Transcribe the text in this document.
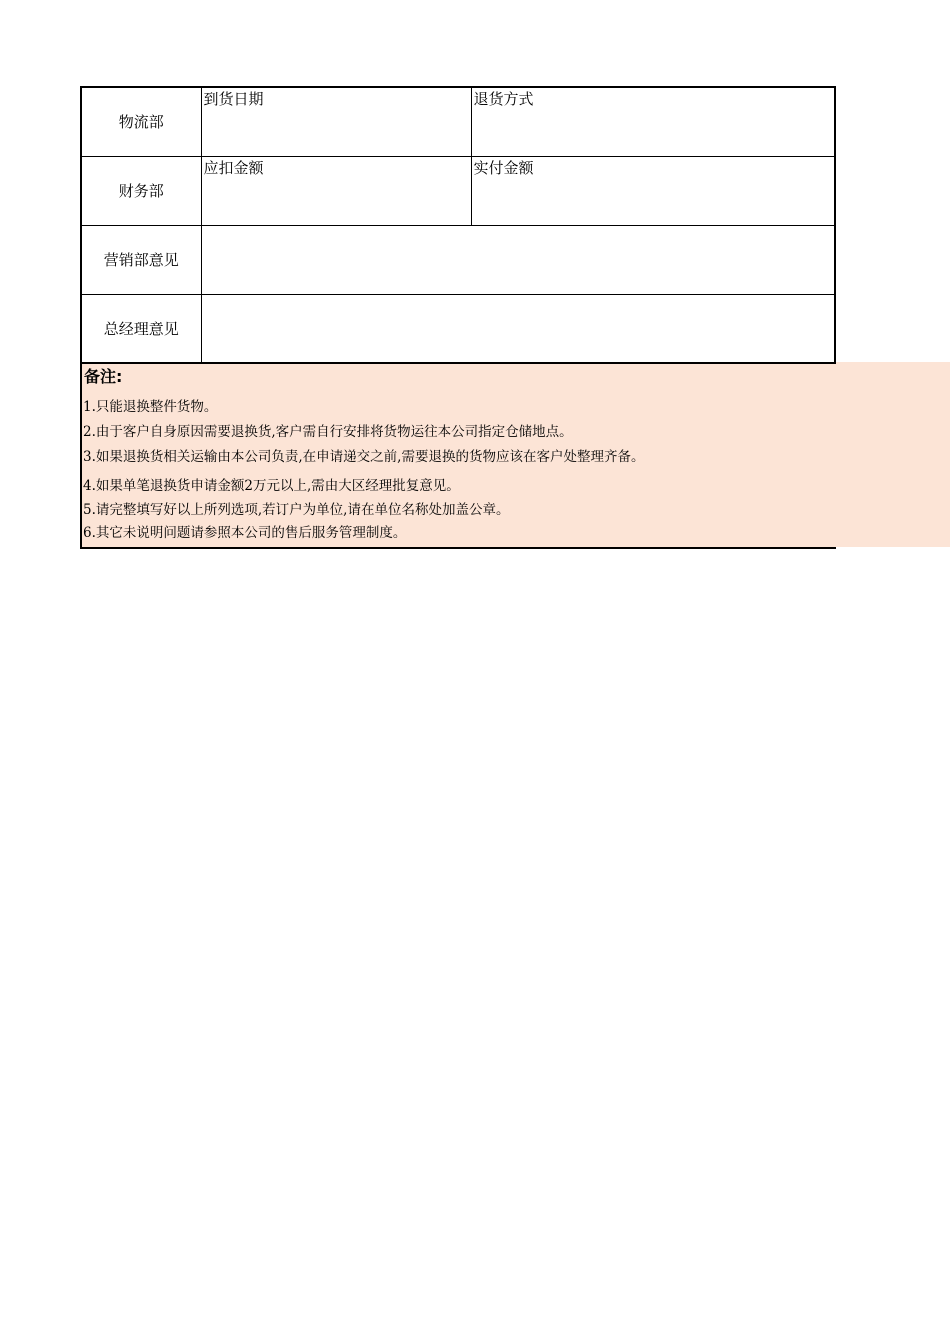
物流部	到货日期	退货方式

财务部	应扣金额	实付金额

营销部意见		

总经理意见		
备注:
1.只能退换整件货物。
2.由于客户自身原因需要退换货,客户需自行安排将货物运往本公司指定仓储地点。
3.如果退换货相关运输由本公司负责,在申请递交之前,需要退换的货物应该在客户处整理齐备。
4.如果单笔退换货申请金额2万元以上,需由大区经理批复意见。
5.请完整填写好以上所列选项,若订户为单位,请在单位名称处加盖公章。
6.其它未说明问题请参照本公司的售后服务管理制度。
